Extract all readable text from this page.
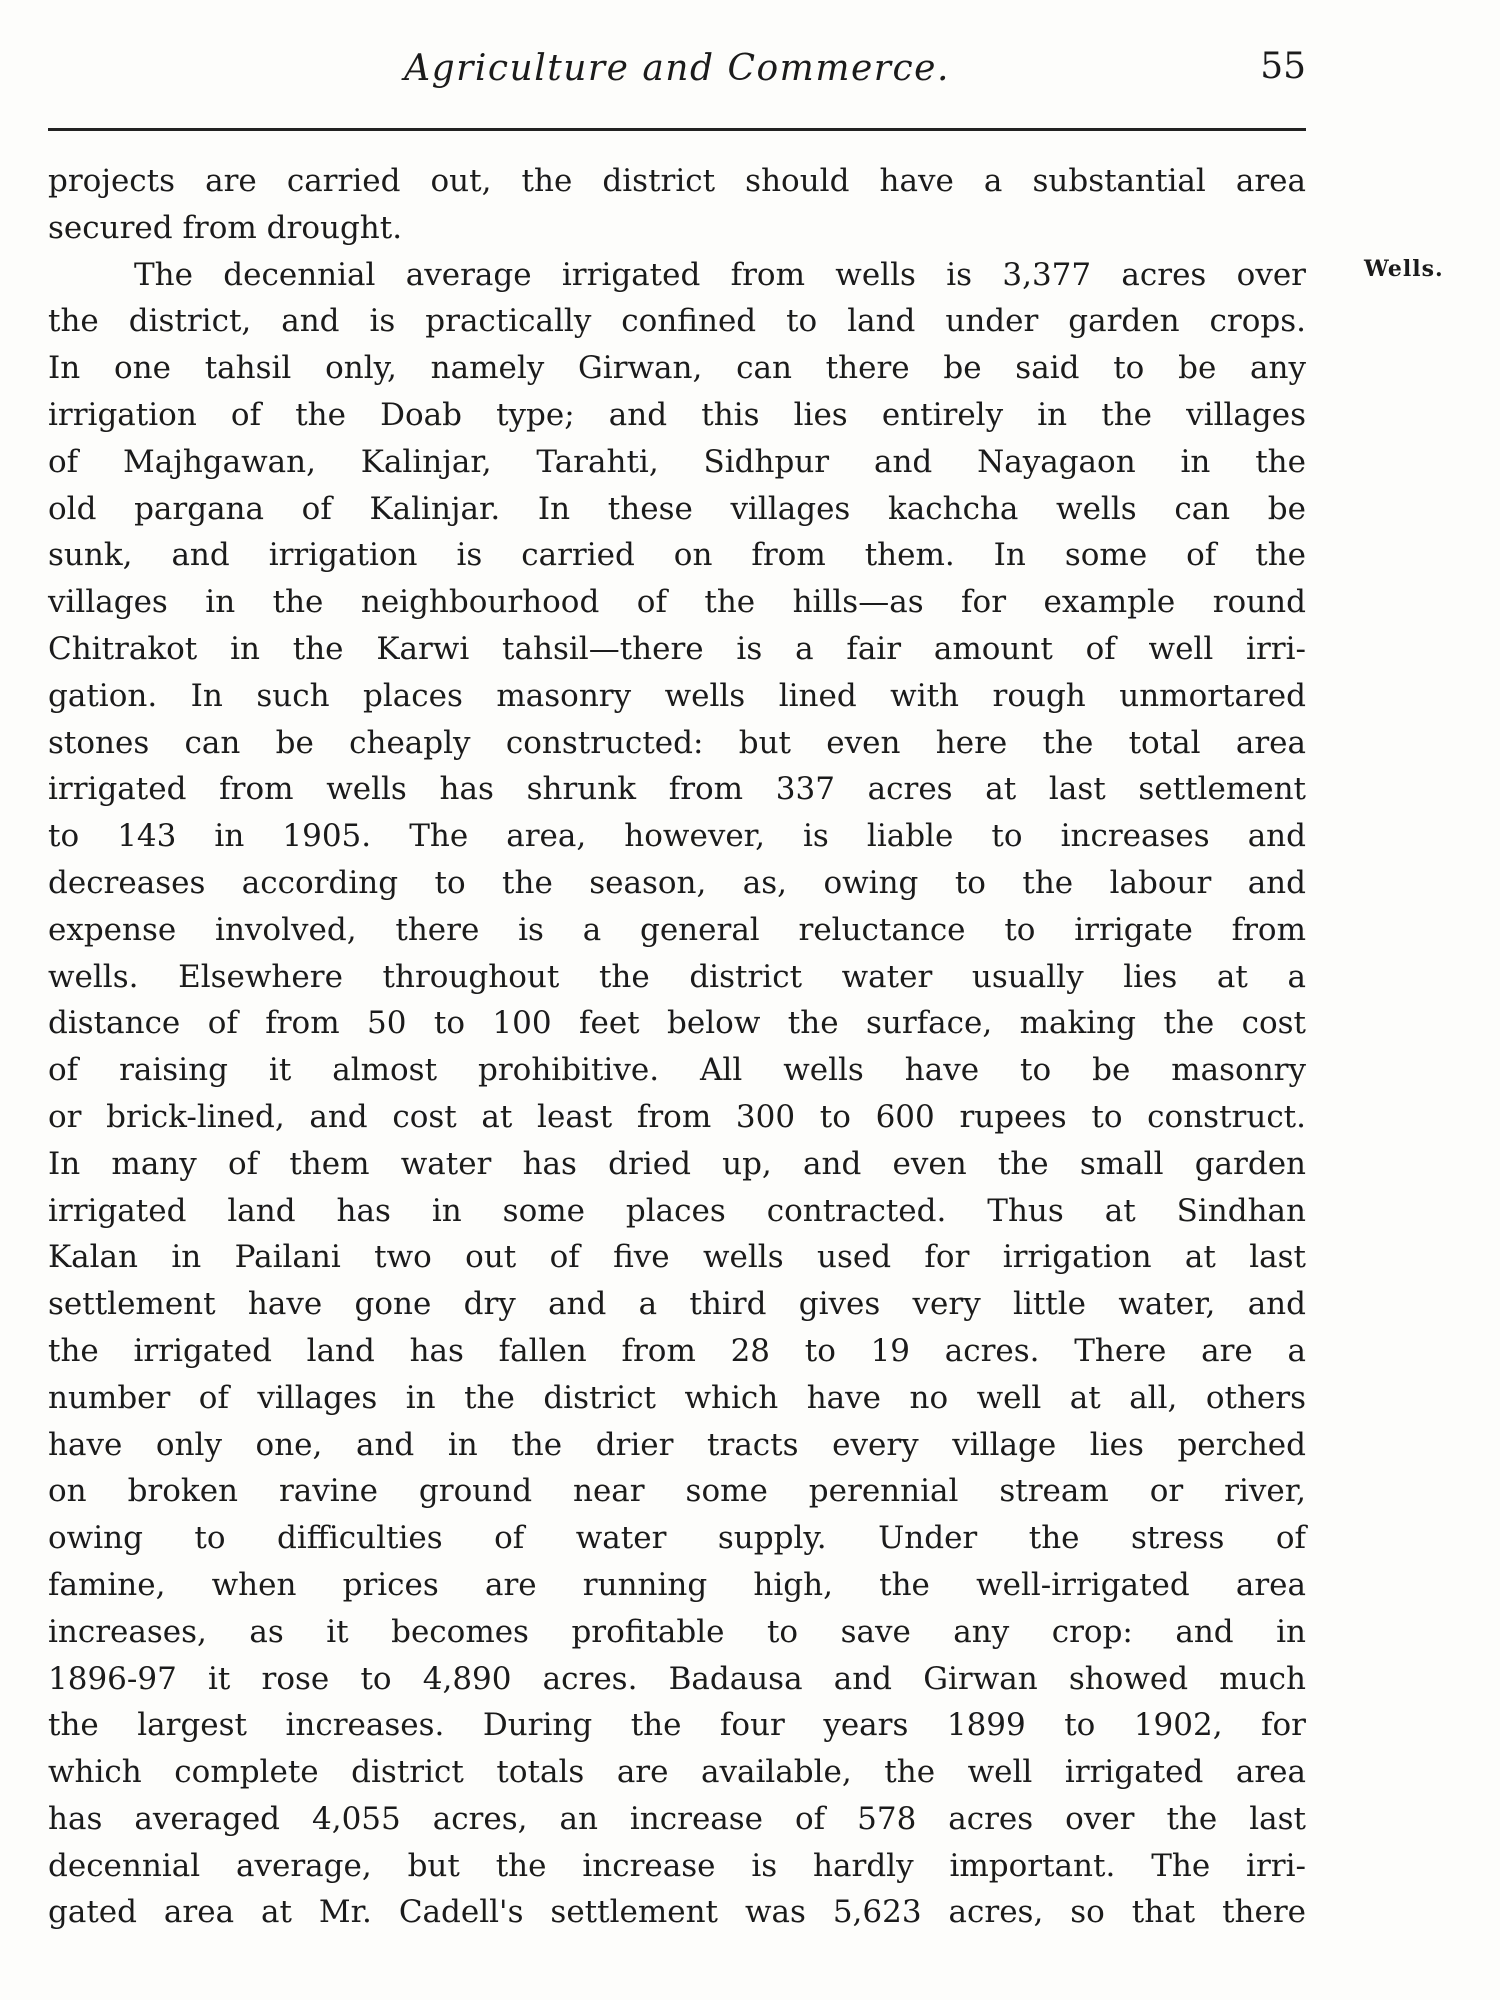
Agriculture and Commerce.	55
Wells.
projects are carried out, the district should have a substantial area
secured from drought.
The decennial average irrigated from wells is 3,377 acres over
the district, and is practically confined to land under garden crops.
In one tahsil only, namely Girwan, can there be said to be any
irrigation of the Doab type; and this lies entirely in the villages
of Majhgawan, Kalinjar, Tarahti, Sidhpur and Nayagaon in the
old pargana of Kalinjar. In these villages kachcha wells can be
sunk, and irrigation is carried on from them. In some of the
villages in the neighbourhood of the hills—as for example round
Chitrakot in the Karwi tahsil—there is a fair amount of well irri-
gation. In such places masonry wells lined with rough unmortared
stones can be cheaply constructed: but even here the total area
irrigated from wells has shrunk from 337 acres at last settlement
to 143 in 1905. The area, however, is liable to increases and
decreases according to the season, as, owing to the labour and
expense involved, there is a general reluctance to irrigate from
wells. Elsewhere throughout the district water usually lies at a
distance of from 50 to 100 feet below the surface, making the cost
of raising it almost prohibitive. All wells have to be masonry
or brick-lined, and cost at least from 300 to 600 rupees to construct.
In many of them water has dried up, and even the small garden
irrigated land has in some places contracted. Thus at Sindhan
Kalan in Pailani two out of five wells used for irrigation at last
settlement have gone dry and a third gives very little water, and
the irrigated land has fallen from 28 to 19 acres. There are a
number of villages in the district which have no well at all, others
have only one, and in the drier tracts every village lies perched
on broken ravine ground near some perennial stream or river,
owing to difficulties of water supply. Under the stress of
famine, when prices are running high, the well-irrigated area
increases, as it becomes profitable to save any crop: and in
1896-97 it rose to 4,890 acres. Badausa and Girwan showed much
the largest increases. During the four years 1899 to 1902, for
which complete district totals are available, the well irrigated area
has averaged 4,055 acres, an increase of 578 acres over the last
decennial average, but the increase is hardly important. The irri-
gated area at Mr. Cadell's settlement was 5,623 acres, so that there
